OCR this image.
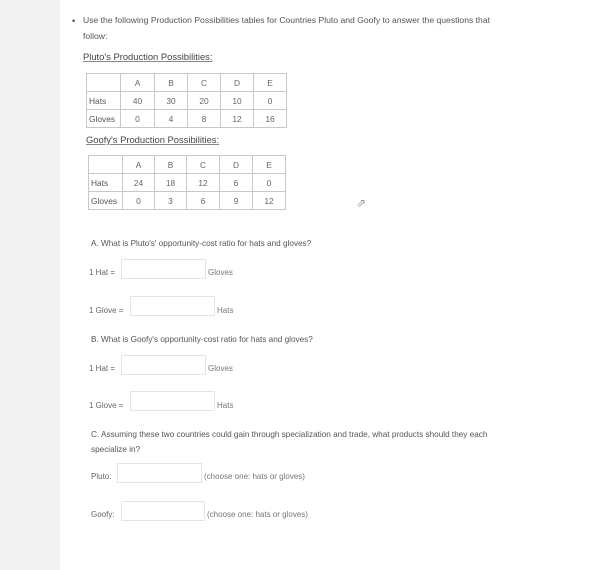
• Use the following Production Possibilities tables for Countries Pluto and Goofy to answer the questions that follow:
Pluto's Production Possibilities:
	A	B	C	D	E
Hats	40	30	20	10	0
Gloves	0	4	8	12	16
Goofy's Production Possibilities:
	A	B	C	D	E
Hats	24	18	12	6	0
Gloves	0	3	6	9	12	⇗
A. What is Pluto's' opportunity-cost ratio for hats and gloves?
1 Hat =	Gloves
1 Glove =	Hats
B. What is Goofy's opportunity-cost ratio for hats and gloves?
1 Hat =	Gloves
1 Glove =	Hats
C. Assuming these two countries could gain through specialization and trade, what products should they each specialize in?
Pluto:	(choose one: hats or gloves)
Goofy:	(choose one: hats or gloves)
